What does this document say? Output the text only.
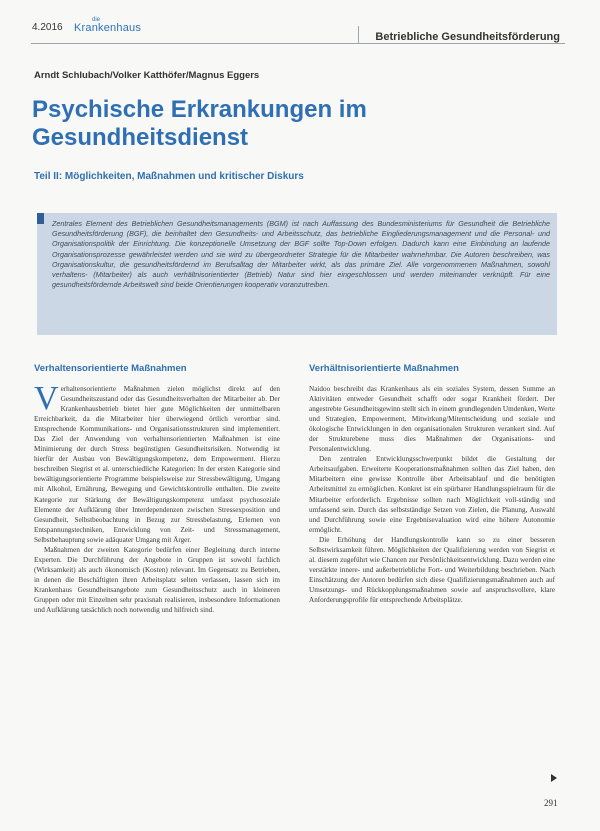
4.2016
die
Krankenhaus
Betriebliche Gesundheitsförderung
Arndt Schlubach/Volker Katthöfer/Magnus Eggers
Psychische Erkrankungen im Gesundheitsdienst
Teil II: Möglichkeiten, Maßnahmen und kritischer Diskurs
Zentrales Element des Betrieblichen Gesundheitsmanagements (BGM) ist nach Auffassung des Bundesministeriums für Gesundheit die Betriebliche Gesundheitsförderung (BGF), die beinhaltet den Gesundheits- und Arbeitsschutz, das betriebliche Eingliederungsmanagement und die Personal- und Organisationspolitik der Einrichtung. Die konzeptionelle Umsetzung der BGF sollte Top-Down erfolgen. Dadurch kann eine Einbindung an laufende Organisationsprozesse gewährleistet werden und sie wird zu übergeordneter Strategie für die Mitarbeiter wahrnehmbar. Die Autoren beschreiben, was Organisationskultur, die gesundheitsfördernd im Berufsalltag der Mitarbeiter wirkt, als das primäre Ziel. Alle vorgenommenen Maßnahmen, sowohl verhaltens- (Mitarbeiter) als auch verhältnisorientierter (Betrieb) Natur sind hier eingeschlossen und werden miteinander verknüpft. Für eine gesundheitsfördernde Arbeitswelt sind beide Orientierungen kooperativ voranzutreiben.
Verhaltensorientierte Maßnahmen	Verhältnisorientierte Maßnahmen

Verhaltensorientierte Maßnahmen zielen möglichst direkt auf den Gesundheitszustand oder das Gesundheitsverhalten der Mitarbeiter ab. Der Krankenhausbetrieb bietet hier gute Möglichkeiten der unmittelbaren Erreichbarkeit, da die Mitarbeiter hier überwiegend örtlich verortbar sind. Entsprechende Kommunikations- und Organisationsstrukturen sind implementiert. Das Ziel der Anwendung von verhaltensorientierten Maßnahmen ist eine Minimierung der durch Stress begünstigten Gesundheitsrisiken. Notwendig ist hierfür der Ausbau von Bewältigungskompetenz, dem Empowerment. Hierzu beschreiben Siegrist et al. unterschiedliche Kategorien: In der ersten Kategorie sind bewältigungsorientierte Programme beispielsweise zur Stressbewältigung, Umgang mit Alkohol, Ernährung, Bewegung und Gewichtskontrolle enthalten. Die zweite Kategorie zur Stärkung der Bewältigungskompetenz umfasst psychosoziale Elemente der Aufklärung über Interdependenzen zwischen Stressexposition und Gesundheit, Selbstbeobachtung in Bezug zur Stressbelastung, Erlernen von Entspannungstechniken, Entwicklung von Zeit- und Stressmanagement, Selbstbehauptung sowie adäquater Umgang mit Ärger.

Maßnahmen der zweiten Kategorie bedürfen einer Begleitung durch interne Experten. Die Durchführung der Angebote in Gruppen ist sowohl fachlich (Wirksamkeit) als auch ökonomisch (Kosten) relevant. Im Gegensatz zu Betrieben, in denen die Beschäftigten ihren Arbeitsplatz selten verlassen, lassen sich im Krankenhaus Gesundheitsangebote zum Gesundheitsschutz auch in kleineren Gruppen oder mit Einzelnen sehr praxisnah realisieren, insbesondere Informationen und Aufklärung tatsächlich noch notwendig und hilfreich sind.

Naidoo beschreibt das Krankenhaus als ein soziales System, dessen Summe an Aktivitäten entweder Gesundheit schafft oder sogar Krankheit fördert. Der angestrebte Gesundheitsgewinn stellt sich in einem grundlegenden Umdenken, Werte und Strategien, Empowerment, Mitwirkung/Mitentscheidung und soziale und ökologische Entwicklungen in den organisationalen Strukturen verankert sind. Auf der Strukturebene muss dies Maßnahmen der Organisations- und Personalentwicklung.

Den zentralen Entwicklungsschwerpunkt bildet die Gestaltung der Arbeitsaufgaben. Erweiterte Kooperationsmaßnahmen sollten das Ziel haben, den Mitarbeitern eine gewisse Kontrolle über Arbeitsablauf und die benötigten Arbeitsmittel zu ermöglichen. Konkret ist ein spürbarer Handlungsspielraum für die Mitarbeiter erforderlich. Ergebnisse sollten nach Möglichkeit voll-ständig und umfassend sein. Durch das selbstständige Setzen von Zielen, die Planung, Auswahl und Durchführung sowie eine Ergebnisevaluation wird eine höhere Autonomie ermöglicht.

Die Erhöhung der Handlungskontrolle kann so zu einer besseren Selbstwirksamkeit führen. Möglichkeiten der Qualifizierung werden von Siegrist et al. diesem zugeführt wie Chancen zur Persönlichkeitsentwicklung. Dazu werden eine verstärkte innere- und außerbetriebliche Fort- und Weiterbildung beschrieben. Nach Einschätzung der Autoren bedürfen sich diese Qualifizierungsmaßnahmen auch auf Umsetzungs- und Rückkopplungsmaßnahmen sowie auf anspruchsvollere, klare Anforderungsprofile für entsprechende Arbeitsplätze.

291
